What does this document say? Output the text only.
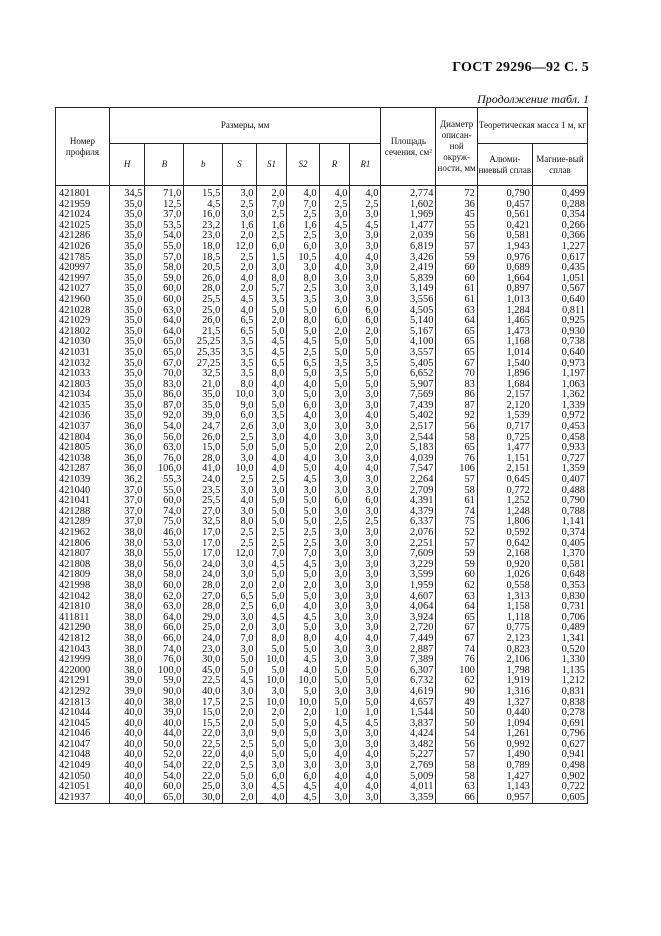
ГОСТ 29296—92 С. 5
Продолжение табл. 1
Номер профиля	Размеры, мм								Площадь сечения, см²	Диаметр описан-ной окруж-ности, мм	Теоретическая масса 1 м, кг	
	H	B	b	S	S1	S2	R	R1			Алюми-ниевый сплав	Магние-вый сплав
421801	34,5	71,0	15,5	3,0	2,0	4,0	4,0	4,0	2,774	72	0,790	0,499
421959	35,0	12,5	4,5	2,5	7,0	7,0	2,5	2,5	1,602	36	0,457	0,288
421024	35,0	37,0	16,0	3,0	2,5	2,5	3,0	3,0	1,969	45	0,561	0,354
421025	35,0	53,5	23,2	1,6	1,6	1,6	4,5	4,5	1,477	55	0,421	0,266
421286	35,0	54,0	23,0	2,0	2,5	2,5	3,0	3,0	2,039	56	0,581	0,366
421026	35,0	55,0	18,0	12,0	6,0	6,0	3,0	3,0	6,819	57	1,943	1,227
421785	35,0	57,0	18,5	2,5	1,5	10,5	4,0	4,0	3,426	59	0,976	0,617
420997	35,0	58,0	20,5	2,0	3,0	3,0	4,0	3,0	2,419	60	0,689	0,435
421997	35,0	59,0	26,0	4,0	8,0	8,0	3,0	3,0	5,839	60	1,664	1,051
421027	35,0	60,0	28,0	2,0	5,7	2,5	3,0	3,0	3,149	61	0,897	0,567
421960	35,0	60,0	25,5	4,5	3,5	3,5	3,0	3,0	3,556	61	1,013	0,640
421028	35,0	63,0	25,0	4,0	5,0	5,0	6,0	6,0	4,505	63	1,284	0,811
421029	35,0	64,0	26,0	6,5	2,0	8,0	6,0	6,0	5,140	64	1,465	0,925
421802	35,0	64,0	21,5	6,5	5,0	5,0	2,0	2,0	5,167	65	1,473	0,930
421030	35,0	65,0	25,25	3,5	4,5	4,5	5,0	5,0	4,100	65	1,168	0,738
421031	35,0	65,0	25,35	3,5	4,5	2,5	5,0	5,0	3,557	65	1,014	0,640
421032	35,0	67,0	27,25	3,5	6,5	6,5	3,5	3,5	5,405	67	1,540	0,973
421033	35,0	70,0	32,5	3,5	8,0	5,0	3,5	5,0	6,652	70	1,896	1,197
421803	35,0	83,0	21,0	8,0	4,0	4,0	5,0	5,0	5,907	83	1,684	1,063
421034	35,0	86,0	35,0	10,0	3,0	5,0	3,0	3,0	7,569	86	2,157	1,362
421035	35,0	87,0	35,0	9,0	5,0	6,0	3,0	3,0	7,439	87	2,120	1,339
421036	35,0	92,0	39,0	6,0	3,5	4,0	3,0	4,0	5,402	92	1,539	0,972
421037	36,0	54,0	24,7	2,6	3,0	3,0	3,0	3,0	2,517	56	0,717	0,453
421804	36,0	56,0	26,0	2,5	3,0	4,0	3,0	3,0	2,544	58	0,725	0,458
421805	36,0	63,0	15,0	5,0	5,0	5,0	2,0	2,0	5,183	65	1,477	0,933
421038	36,0	76,0	28,0	3,0	4,0	4,0	3,0	3,0	4,039	76	1,151	0,727
421287	36,0	106,0	41,0	10,0	4,0	5,0	4,0	4,0	7,547	106	2,151	1,359
421039	36,2	55,3	24,0	2,5	2,5	4,5	3,0	3,0	2,264	57	0,645	0,407
421040	37,0	55,0	23,5	3,0	3,0	3,0	3,0	3,0	2,709	58	0,772	0,488
421041	37,0	60,0	25,5	4,0	5,0	5,0	6,0	6,0	4,391	61	1,252	0,790
421288	37,0	74,0	27,0	3,0	5,0	5,0	3,0	3,0	4,379	74	1,248	0,788
421289	37,0	75,0	32,5	8,0	5,0	5,0	2,5	2,5	6,337	75	1,806	1,141
421962	38,0	46,0	17,0	2,5	2,5	2,5	3,0	3,0	2,076	52	0,592	0,374
421806	38,0	53,0	17,0	2,5	2,5	2,5	3,0	3,0	2,251	57	0,642	0,405
421807	38,0	55,0	17,0	12,0	7,0	7,0	3,0	3,0	7,609	59	2,168	1,370
421808	38,0	56,0	24,0	3,0	4,5	4,5	3,0	3,0	3,229	59	0,920	0,581
421809	38,0	58,0	24,0	3,0	5,0	5,0	3,0	3,0	3,599	60	1,026	0,648
421998	38,0	60,0	28,0	2,0	2,0	2,0	3,0	3,0	1,959	62	0,558	0,353
421042	38,0	62,0	27,0	6,5	5,0	5,0	3,0	3,0	4,607	63	1,313	0,830
421810	38,0	63,0	28,0	2,5	6,0	4,0	3,0	3,0	4,064	64	1,158	0,731
411811	38,0	64,0	29,0	3,0	4,5	4,5	3,0	3,0	3,924	65	1,118	0,706
421290	38,0	66,0	25,0	2,0	3,0	5,0	3,0	3,0	2,720	67	0,775	0,489
421812	38,0	66,0	24,0	7,0	8,0	8,0	4,0	4,0	7,449	67	2,123	1,341
421043	38,0	74,0	23,0	3,0	5,0	5,0	3,0	3,0	2,887	74	0,823	0,520
421999	38,0	76,0	30,0	5,0	10,0	4,5	3,0	3,0	7,389	76	2,106	1,330
422000	38,0	100,0	45,0	5,0	5,0	4,0	5,0	5,0	6,307	100	1,798	1,135
421291	39,0	59,0	22,5	4,5	10,0	10,0	5,0	5,0	6,732	62	1,919	1,212
421292	39,0	90,0	40,0	3,0	3,0	5,0	3,0	3,0	4,619	90	1,316	0,831
421813	40,0	38,0	17,5	2,5	10,0	10,0	5,0	5,0	4,657	49	1,327	0,838
421044	40,0	39,0	15,0	2,0	2,0	2,0	1,0	1,0	1,544	50	0,440	0,278
421045	40,0	40,0	15,5	2,0	5,0	5,0	4,5	4,5	3,837	50	1,094	0,691
421046	40,0	44,0	22,0	3,0	9,0	5,0	3,0	3,0	4,424	54	1,261	0,796
421047	40,0	50,0	22,5	2,5	5,0	5,0	3,0	3,0	3,482	56	0,992	0,627
421048	40,0	52,0	22,0	4,0	5,0	5,0	4,0	4,0	5,227	57	1,490	0,941
421049	40,0	54,0	22,0	2,5	3,0	3,0	3,0	3,0	2,769	58	0,789	0,498
421050	40,0	54,0	22,0	5,0	6,0	6,0	4,0	4,0	5,009	58	1,427	0,902
421051	40,0	60,0	25,0	3,0	4,5	4,5	4,0	4,0	4,011	63	1,143	0,722
421937	40,0	65,0	30,0	2,0	4,0	4,5	3,0	3,0	3,359	66	0,957	0,605
